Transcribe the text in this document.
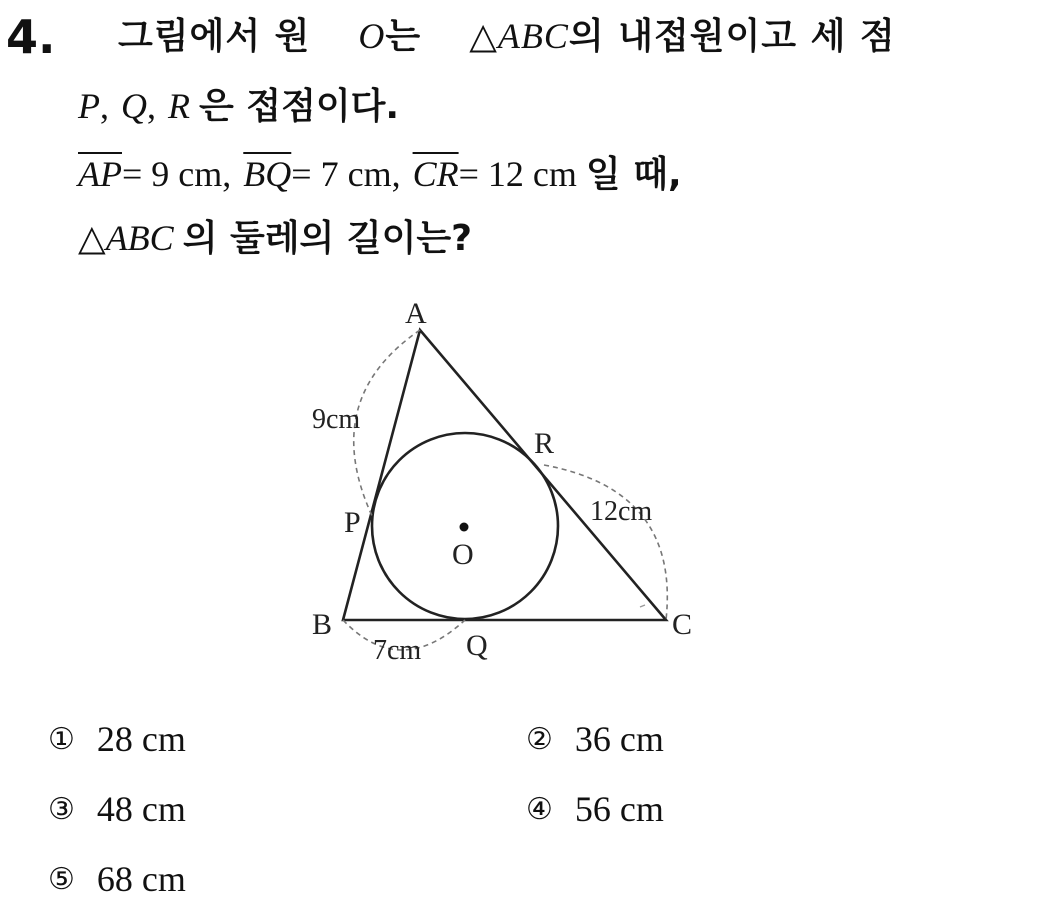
4. 그림에서 원 O는 △ABC의 내접원이고 세 점
P, Q, R 은 접점이다.
$\overline{AP}= 9$ cm, $\overline{BQ}= 7$ cm, $\overline{CR}= 12$ cm 일 때,
△ABC 의 둘레의 길이는?
A
B	C
P
Q
R
O
9cm
7cm
12cm
① 28 cm	② 36 cm
③ 48 cm	④ 56 cm
⑤ 68 cm
